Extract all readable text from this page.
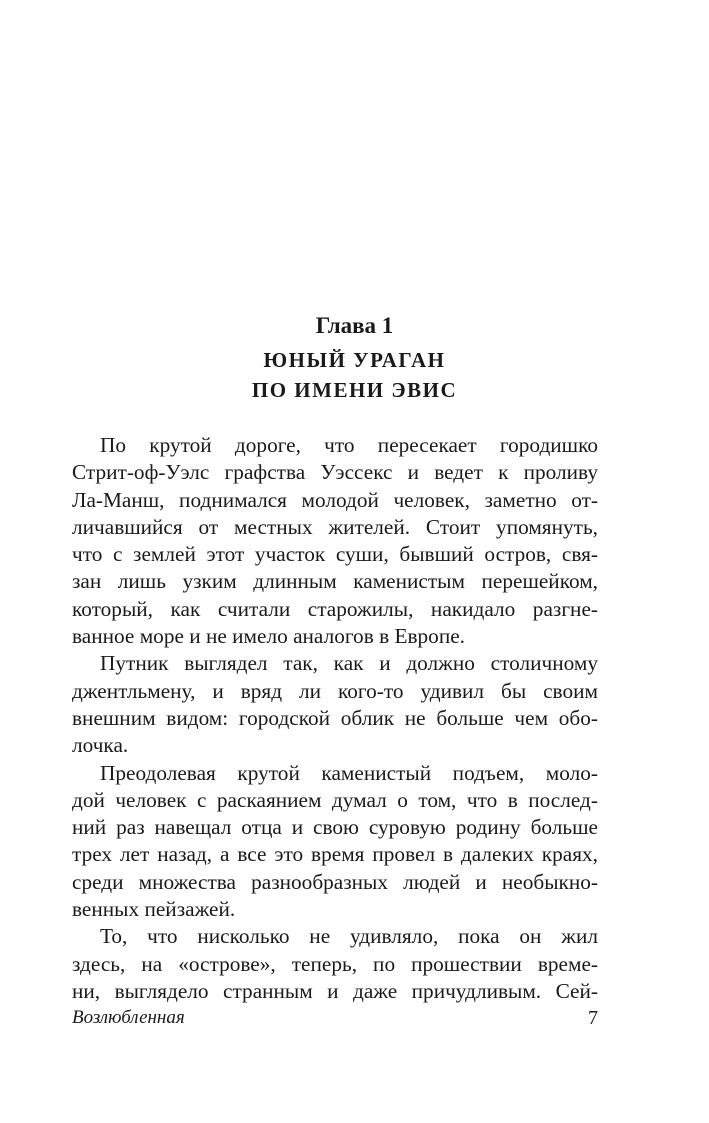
Глава 1
ЮНЫЙ УРАГАН
ПО ИМЕНИ ЭВИС
По крутой дороге, что пересекает городишко
Стрит-оф-Уэлс графства Уэссекс и ведет к проливу
Ла-Манш, поднимался молодой человек, заметно от-
личавшийся от местных жителей. Стоит упомянуть,
что с землей этот участок суши, бывший остров, свя-
зан лишь узким длинным каменистым перешейком,
который, как считали старожилы, накидало разгне-
ванное море и не имело аналогов в Европе.
Путник выглядел так, как и должно столичному
джентльмену, и вряд ли кого-то удивил бы своим
внешним видом: городской облик не больше чем обо-
лочка.
Преодолевая крутой каменистый подъем, моло-
дой человек с раскаянием думал о том, что в послед-
ний раз навещал отца и свою суровую родину больше
трех лет назад, а все это время провел в далеких краях,
среди множества разнообразных людей и необыкно-
венных пейзажей.
То, что нисколько не удивляло, пока он жил
здесь, на «острове», теперь, по прошествии време-
ни, выглядело странным и даже причудливым. Сей-
Возлюбленная	7
